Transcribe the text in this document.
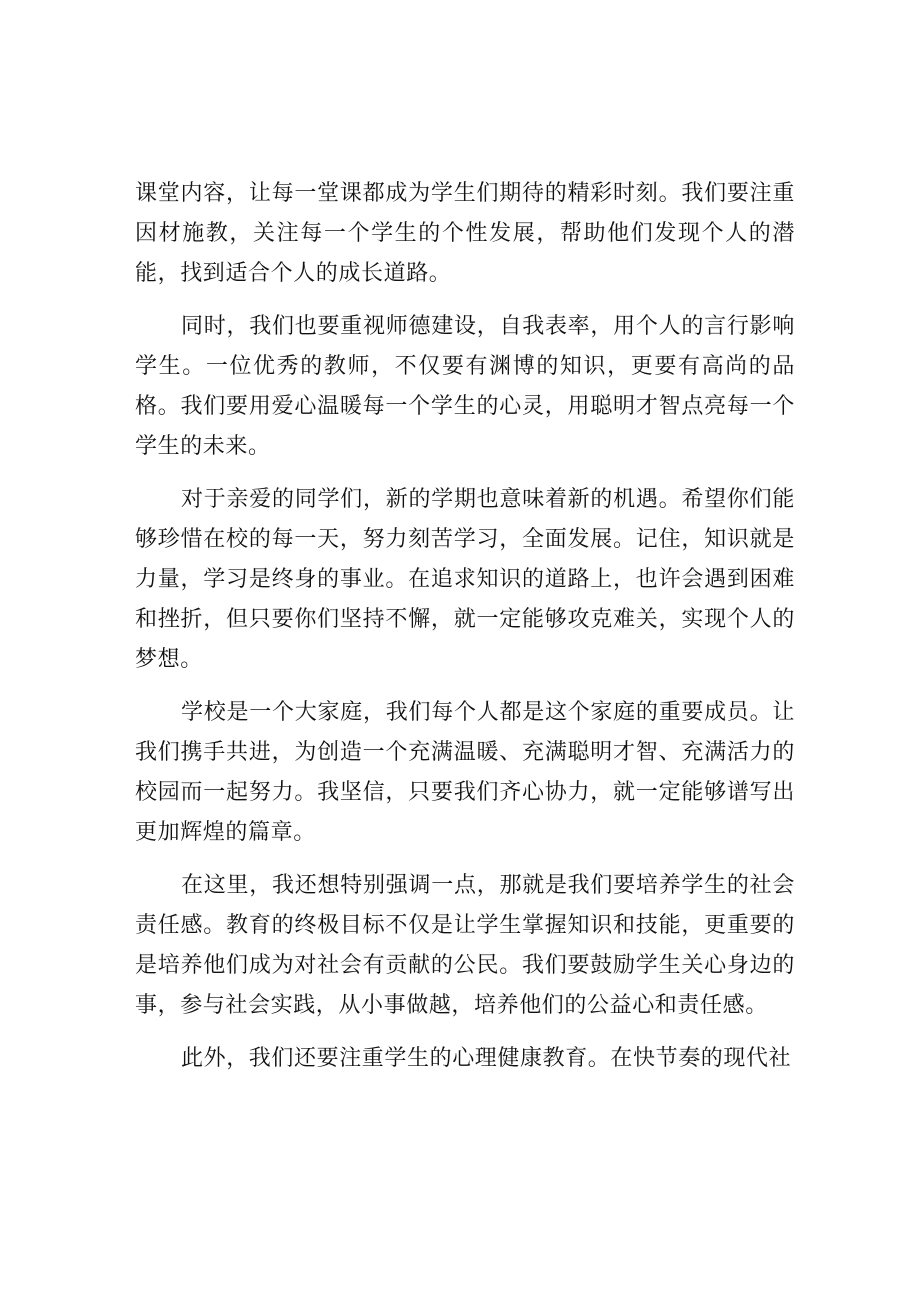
课堂内容，让每一堂课都成为学生们期待的精彩时刻。我们要注重因材施教，关注每一个学生的个性发展，帮助他们发现个人的潜能，找到适合个人的成长道路。

同时，我们也要重视师德建设，自我表率，用个人的言行影响学生。一位优秀的教师，不仅要有渊博的知识，更要有高尚的品格。我们要用爱心温暖每一个学生的心灵，用聪明才智点亮每一个学生的未来。

对于亲爱的同学们，新的学期也意味着新的机遇。希望你们能够珍惜在校的每一天，努力刻苦学习，全面发展。记住，知识就是力量，学习是终身的事业。在追求知识的道路上，也许会遇到困难和挫折，但只要你们坚持不懈，就一定能够攻克难关，实现个人的梦想。

学校是一个大家庭，我们每个人都是这个家庭的重要成员。让我们携手共进，为创造一个充满温暖、充满聪明才智、充满活力的校园而一起努力。我坚信，只要我们齐心协力，就一定能够谱写出更加辉煌的篇章。

在这里，我还想特别强调一点，那就是我们要培养学生的社会责任感。教育的终极目标不仅是让学生掌握知识和技能，更重要的是培养他们成为对社会有贡献的公民。我们要鼓励学生关心身边的事，参与社会实践，从小事做越，培养他们的公益心和责任感。

此外，我们还要注重学生的心理健康教育。在快节奏的现代社
